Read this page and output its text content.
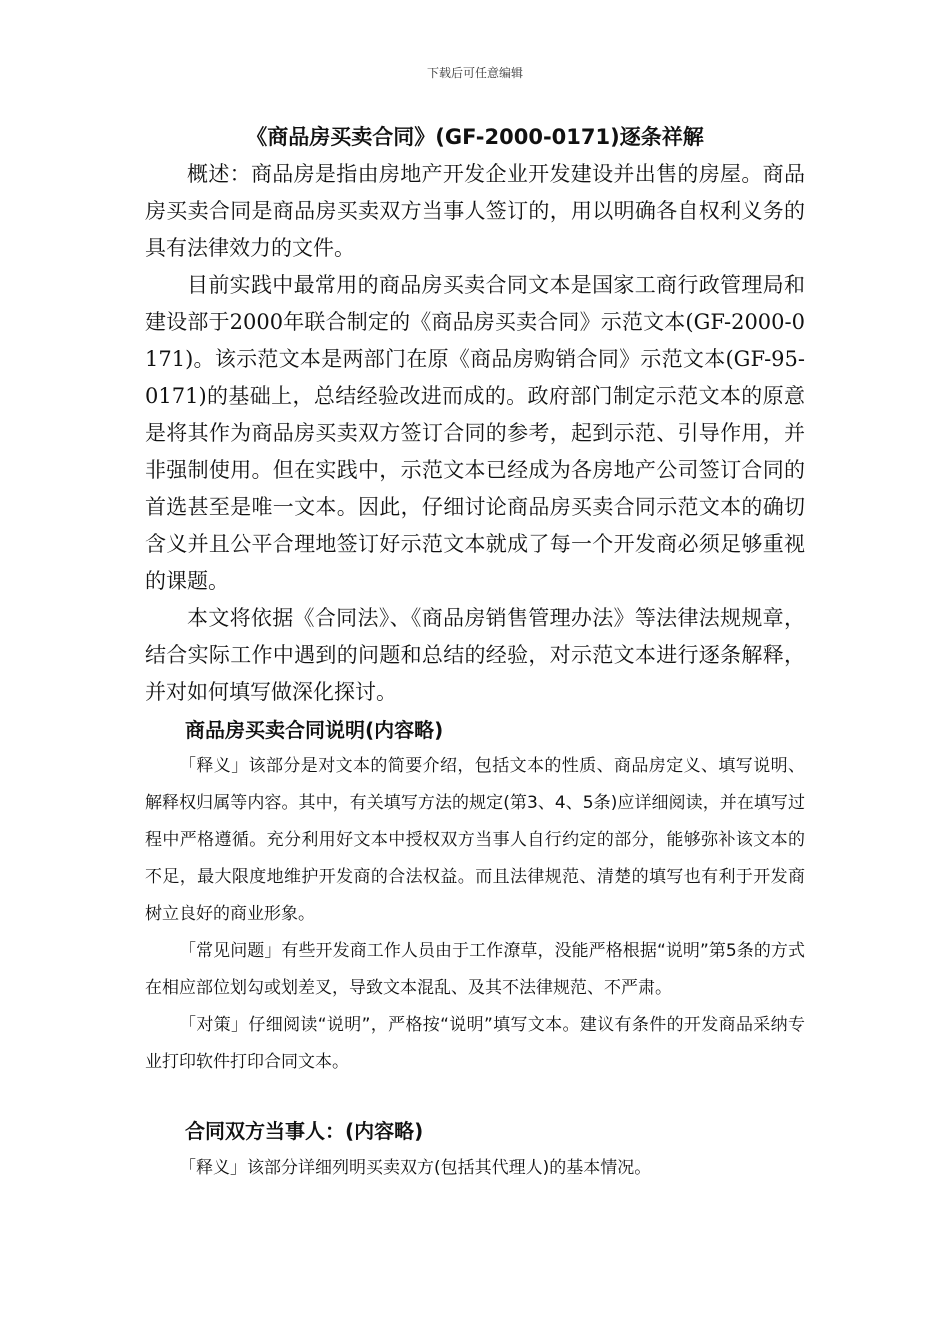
下载后可任意编辑
《商品房买卖合同》(GF-2000-0171)逐条祥解

概述：商品房是指由房地产开发企业开发建设并出售的房屋。商品房买卖合同是商品房买卖双方当事人签订的，用以明确各自权利义务的具有法律效力的文件。

目前实践中最常用的商品房买卖合同文本是国家工商行政管理局和建设部于2000年联合制定的《商品房买卖合同》示范文本(GF-2000-0171)。该示范文本是两部门在原《商品房购销合同》示范文本(GF-95-0171)的基础上，总结经验改进而成的。政府部门制定示范文本的原意是将其作为商品房买卖双方签订合同的参考，起到示范、引导作用，并非强制使用。但在实践中，示范文本已经成为各房地产公司签订合同的首选甚至是唯一文本。因此，仔细讨论商品房买卖合同示范文本的确切含义并且公平合理地签订好示范文本就成了每一个开发商必须足够重视的课题。

本文将依据《合同法》、《商品房销售管理办法》等法律法规规章，结合实际工作中遇到的问题和总结的经验，对示范文本进行逐条解释，并对如何填写做深化探讨。

商品房买卖合同说明(内容略)

「释义」该部分是对文本的简要介绍，包括文本的性质、商品房定义、填写说明、解释权归属等内容。其中，有关填写方法的规定(第3、4、5条)应详细阅读，并在填写过程中严格遵循。充分利用好文本中授权双方当事人自行约定的部分，能够弥补该文本的不足，最大限度地维护开发商的合法权益。而且法律规范、清楚的填写也有利于开发商树立良好的商业形象。

「常见问题」有些开发商工作人员由于工作潦草，没能严格根据“说明”第5条的方式在相应部位划勾或划差叉，导致文本混乱、及其不法律规范、不严肃。

「对策」仔细阅读“说明”，严格按“说明”填写文本。建议有条件的开发商品采纳专业打印软件打印合同文本。

合同双方当事人：(内容略)

「释义」该部分详细列明买卖双方(包括其代理人)的基本情况。
